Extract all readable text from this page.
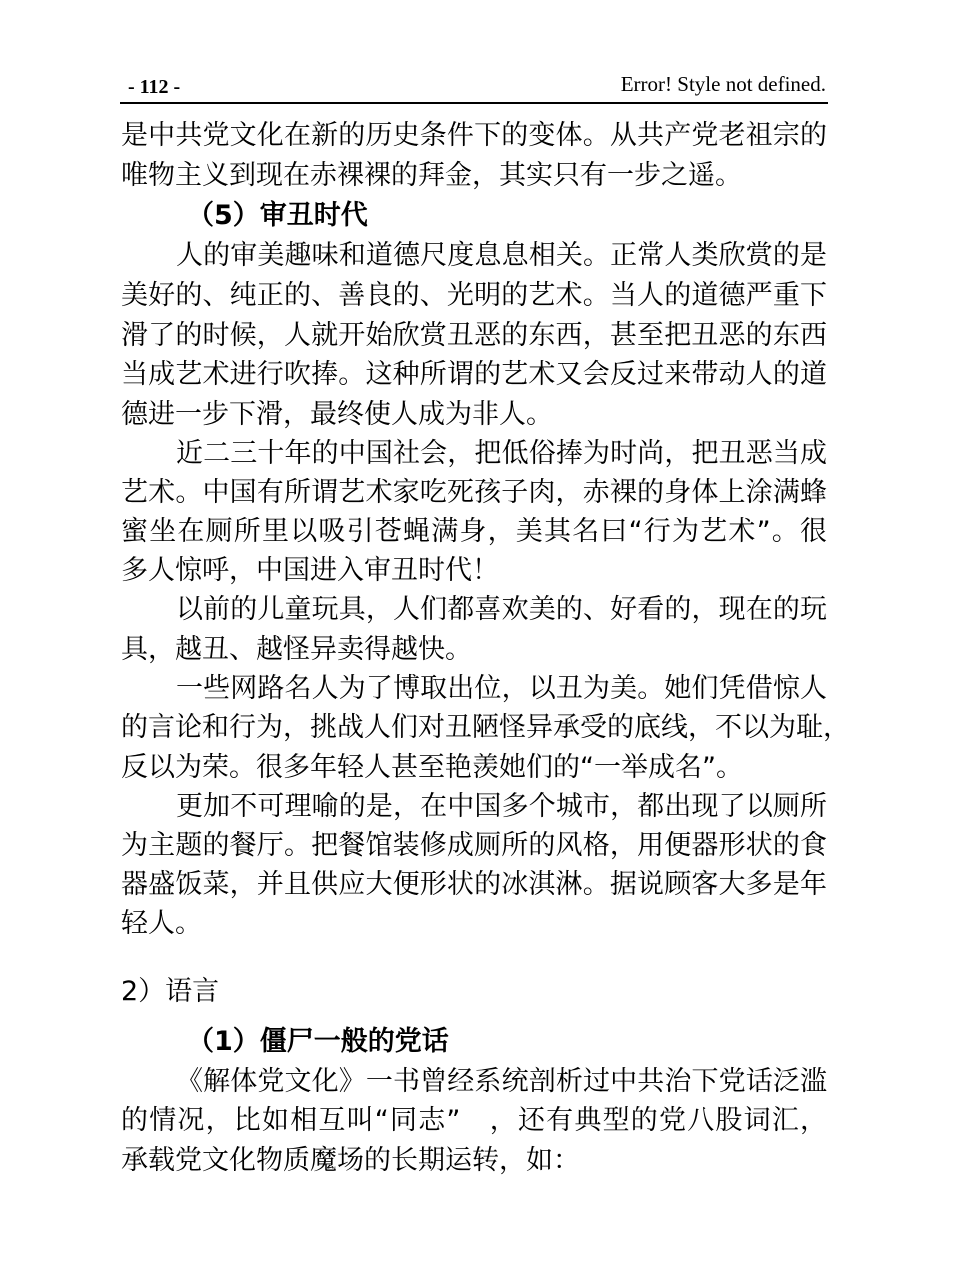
- 112 -	Error! Style not defined.
是中共党文化在新的历史条件下的变体。从共产党老祖宗的
唯物主义到现在赤裸裸的拜金，其实只有一步之遥。
（5）审丑时代
人的审美趣味和道德尺度息息相关。正常人类欣赏的是
美好的、纯正的、善良的、光明的艺术。当人的道德严重下
滑了的时候，人就开始欣赏丑恶的东西，甚至把丑恶的东西
当成艺术进行吹捧。这种所谓的艺术又会反过来带动人的道
德进一步下滑，最终使人成为非人。
近二三十年的中国社会，把低俗捧为时尚，把丑恶当成
艺术。中国有所谓艺术家吃死孩子肉，赤裸的身体上涂满蜂
蜜坐在厕所里以吸引苍蝇满身，美其名曰“行为艺术”。很
多人惊呼，中国进入审丑时代！
以前的儿童玩具，人们都喜欢美的、好看的，现在的玩
具，越丑、越怪异卖得越快。
一些网路名人为了博取出位，以丑为美。她们凭借惊人
的言论和行为，挑战人们对丑陋怪异承受的底线，不以为耻，
反以为荣。很多年轻人甚至艳羡她们的“一举成名”。
更加不可理喻的是，在中国多个城市，都出现了以厕所
为主题的餐厅。把餐馆装修成厕所的风格，用便器形状的食
器盛饭菜，并且供应大便形状的冰淇淋。据说顾客大多是年
轻人。
2）语言
（1）僵尸一般的党话
《解体党文化》一书曾经系统剖析过中共治下党话泛滥
的情况，比如相互叫“同志”　，还有典型的党八股词汇，
承载党文化物质魔场的长期运转，如：
